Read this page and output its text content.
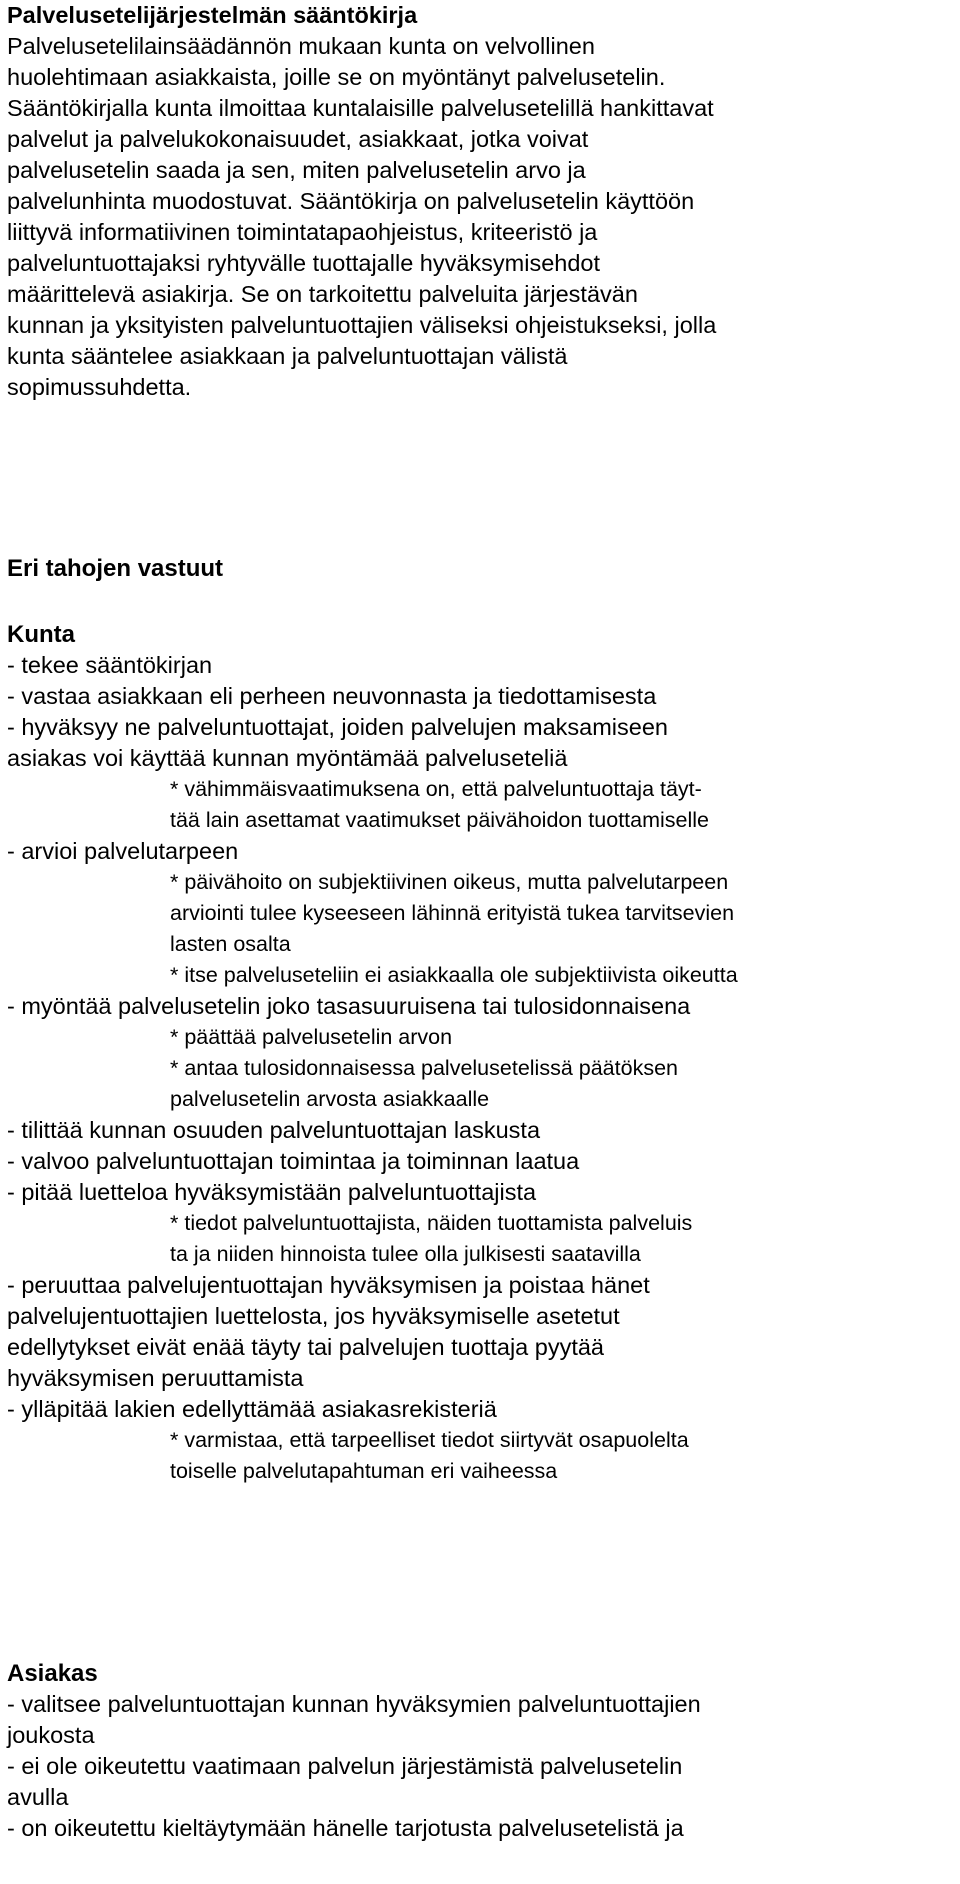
Palvelusetelijärjestelmän sääntökirja
Palvelusetelilainsäädännön mukaan kunta on velvollinen
huolehtimaan asiakkaista, joille se on myöntänyt palvelusetelin.
Sääntökirjalla kunta ilmoittaa kuntalaisille palvelusetelillä hankittavat
palvelut ja palvelukokonaisuudet, asiakkaat, jotka voivat
palvelusetelin saada ja sen, miten palvelusetelin arvo ja
palvelunhinta muodostuvat. Sääntökirja on palvelusetelin käyttöön
liittyvä informatiivinen toimintatapaohjeistus, kriteeristö ja
palveluntuottajaksi ryhtyvälle tuottajalle hyväksymisehdot
määrittelevä asiakirja. Se on tarkoitettu palveluita järjestävän
kunnan ja yksityisten palveluntuottajien väliseksi ohjeistukseksi, jolla
kunta sääntelee asiakkaan ja palveluntuottajan välistä
sopimussuhdetta.
Eri tahojen vastuut
Kunta
- tekee sääntökirjan
- vastaa asiakkaan eli perheen neuvonnasta ja tiedottamisesta
- hyväksyy ne palveluntuottajat, joiden palvelujen maksamiseen
asiakas voi käyttää kunnan myöntämää palveluseteliä
* vähimmäisvaatimuksena on, että palveluntuottaja täyt-
tää lain asettamat vaatimukset päivähoidon tuottamiselle
- arvioi palvelutarpeen
* päivähoito on subjektiivinen oikeus, mutta palvelutarpeen
arviointi tulee kyseeseen lähinnä erityistä tukea tarvitsevien
lasten osalta
* itse palveluseteliin ei asiakkaalla ole subjektiivista oikeutta
- myöntää palvelusetelin joko tasasuuruisena tai tulosidonnaisena
* päättää palvelusetelin arvon
* antaa tulosidonnaisessa palvelusetelissä päätöksen
palvelusetelin arvosta asiakkaalle
- tilittää kunnan osuuden palveluntuottajan laskusta
- valvoo palveluntuottajan toimintaa ja toiminnan laatua
- pitää luetteloa hyväksymistään palveluntuottajista
* tiedot palveluntuottajista, näiden tuottamista palveluis
ta ja niiden hinnoista tulee olla julkisesti saatavilla
- peruuttaa palvelujentuottajan hyväksymisen ja poistaa hänet
palvelujentuottajien luettelosta, jos hyväksymiselle asetetut
edellytykset eivät enää täyty tai palvelujen tuottaja pyytää
hyväksymisen peruuttamista
- ylläpitää lakien edellyttämää asiakasrekisteriä
* varmistaa, että tarpeelliset tiedot siirtyvät osapuolelta
toiselle palvelutapahtuman eri vaiheessa
Asiakas
- valitsee palveluntuottajan kunnan hyväksymien palveluntuottajien
joukosta
- ei ole oikeutettu vaatimaan palvelun järjestämistä palvelusetelin
avulla
- on oikeutettu kieltäytymään hänelle tarjotusta palvelusetelistä ja
